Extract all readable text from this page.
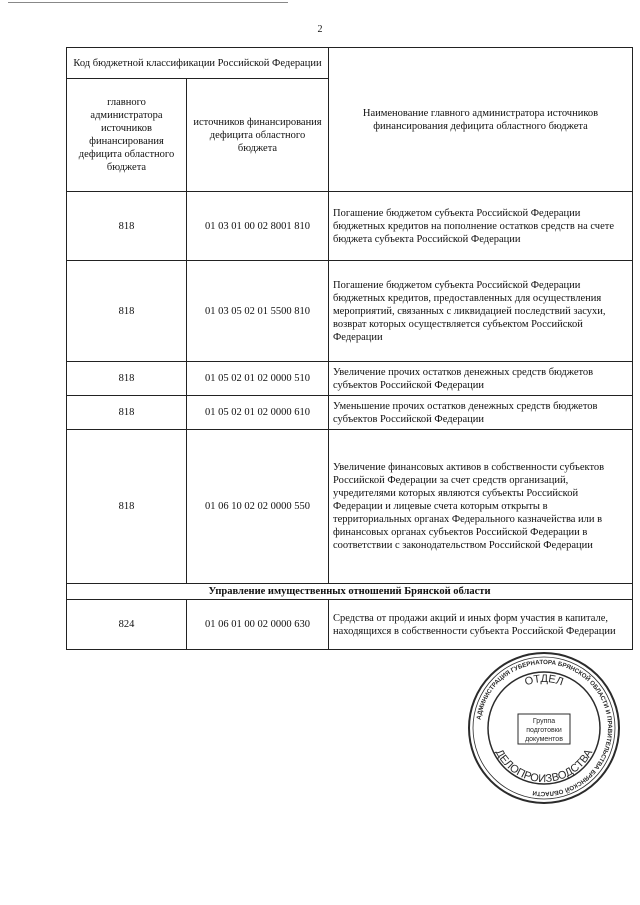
2
Код бюджетной классификации Российской Федерации		Наименование главного администратора источников финансирования дефицита областного бюджета
главного администратора источников финансирования дефицита областного бюджета	источников финансирования дефицита областного бюджета	
818	01 03 01 00 02 8001 810	Погашение бюджетом субъекта Российской Федерации бюджетных кредитов на пополнение остатков средств на счете бюджета субъекта Российской Федерации
818	01 03 05 02 01 5500 810	Погашение бюджетом субъекта Российской Федерации бюджетных кредитов, предоставленных для осуществления мероприятий, связанных с ликвидацией последствий засухи, возврат которых осуществляется субъектом Российской Федерации
818	01 05 02 01 02 0000 510	Увеличение прочих остатков денежных средств бюджетов субъектов Российской Федерации
818	01 05 02 01 02 0000 610	Уменьшение прочих остатков денежных средств бюджетов субъектов Российской Федерации
818	01 06 10 02 02 0000 550	Увеличение финансовых активов в собственности субъектов Российской Федерации за счет средств организаций, учредителями которых являются субъекты Российской Федерации и лицевые счета которым открыты в территориальных органах Федерального казначейства или в финансовых органах субъектов Российской Федерации в соответствии с законодательством Российской Федерации
Управление имущественных отношений Брянской области		
824	01 06 01 00 02 0000 630	Средства от продажи акций и иных форм участия в капитале, находящихся в собственности субъекта Российской Федерации
АДМИНИСТРАЦИЯ ГУБЕРНАТОРА БРЯНСКОЙ ОБЛАСТИ И ПРАВИТЕЛЬСТВА БРЯНСКОЙ ОБЛАСТИ
ОТДЕЛ
ДЕЛОПРОИЗВОДСТВА
Группа
подготовки
документов
